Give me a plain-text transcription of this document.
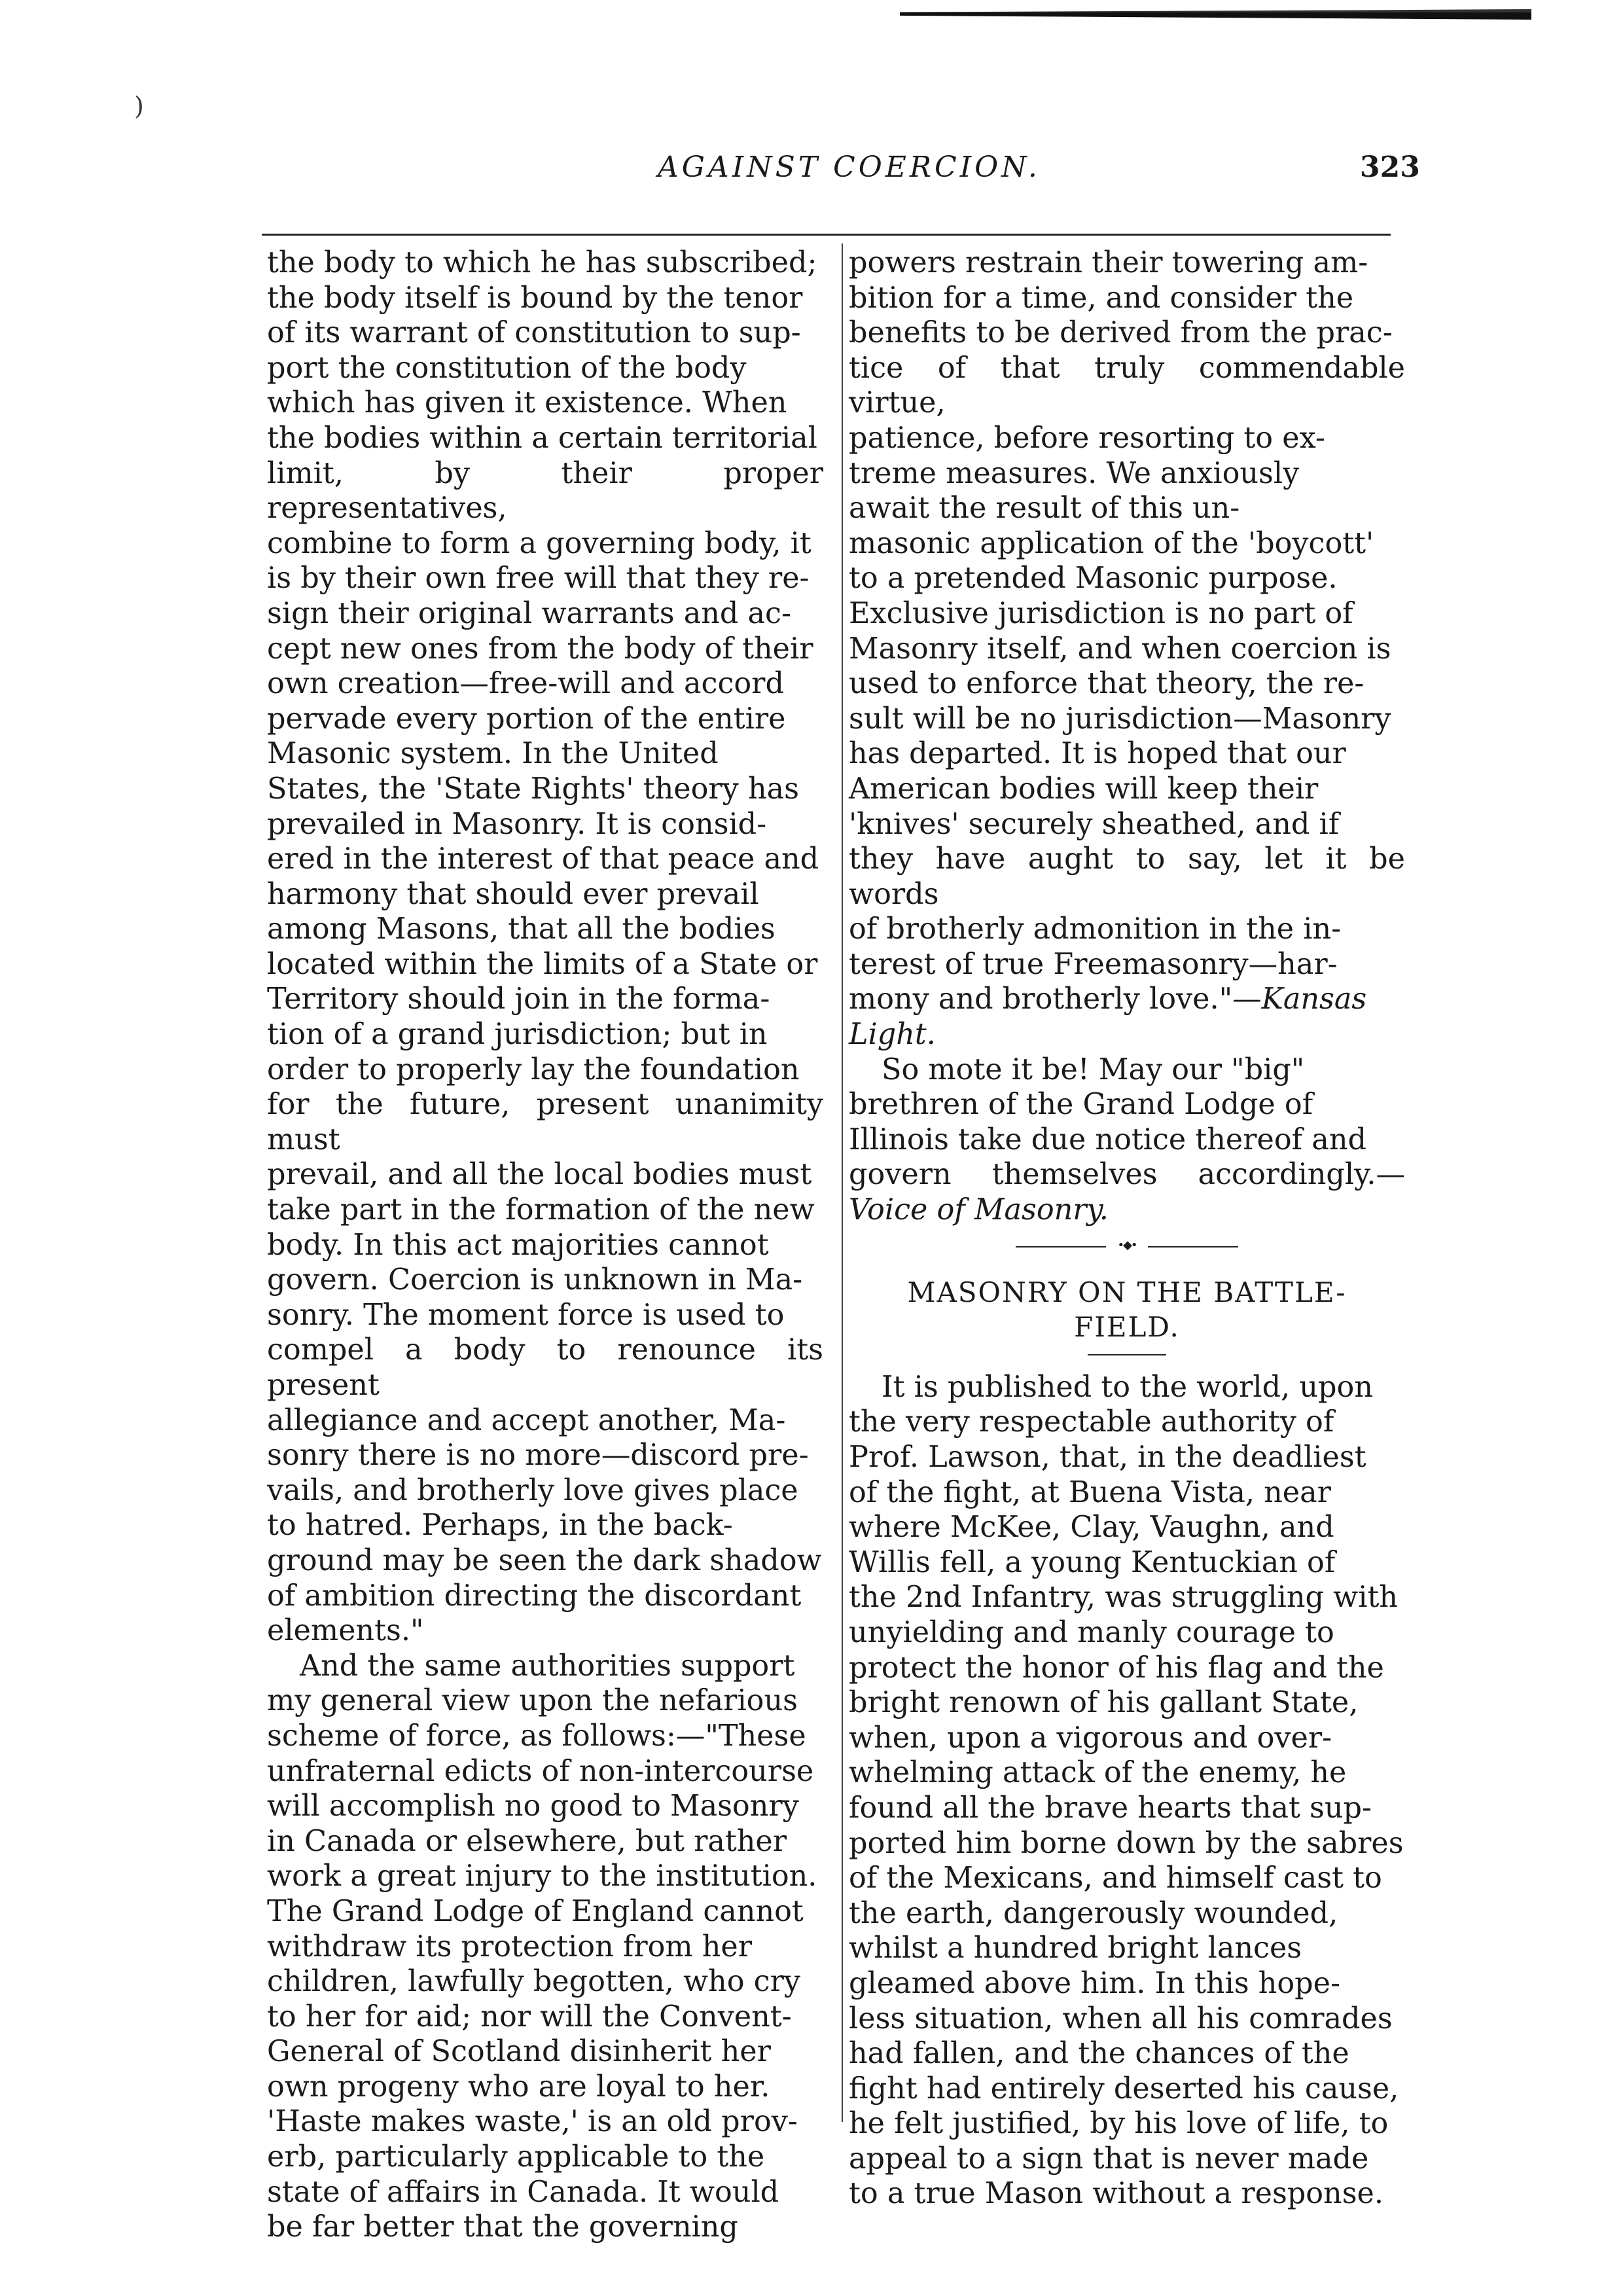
)
AGAINST COERCION.	323

the body to which he has subscribed;
the body itself is bound by the tenor
of its warrant of constitution to sup-
port the constitution of the body
which has given it existence. When
the bodies within a certain territorial
limit, by their proper representatives,
combine to form a governing body, it
is by their own free will that they re-
sign their original warrants and ac-
cept new ones from the body of their
own creation—free-will and accord
pervade every portion of the entire
Masonic system. In the United
States, the 'State Rights' theory has
prevailed in Masonry. It is consid-
ered in the interest of that peace and
harmony that should ever prevail
among Masons, that all the bodies
located within the limits of a State or
Territory should join in the forma-
tion of a grand jurisdiction; but in
order to properly lay the foundation
for the future, present unanimity must
prevail, and all the local bodies must
take part in the formation of the new
body. In this act majorities cannot
govern. Coercion is unknown in Ma-
sonry. The moment force is used to
compel a body to renounce its present
allegiance and accept another, Ma-
sonry there is no more—discord pre-
vails, and brotherly love gives place
to hatred. Perhaps, in the back-
ground may be seen the dark shadow
of ambition directing the discordant
elements."

And the same authorities support
my general view upon the nefarious
scheme of force, as follows:—"These
unfraternal edicts of non-intercourse
will accomplish no good to Masonry
in Canada or elsewhere, but rather
work a great injury to the institution.
The Grand Lodge of England cannot
withdraw its protection from her
children, lawfully begotten, who cry
to her for aid; nor will the Convent-
General of Scotland disinherit her
own progeny who are loyal to her.
'Haste makes waste,' is an old prov-
erb, particularly applicable to the
state of affairs in Canada. It would
be far better that the governing

powers restrain their towering am-
bition for a time, and consider the
benefits to be derived from the prac-
tice of that truly commendable virtue,
patience, before resorting to ex-
treme measures. We anxiously
await the result of this un-
masonic application of the 'boycott'
to a pretended Masonic purpose.
Exclusive jurisdiction is no part of
Masonry itself, and when coercion is
used to enforce that theory, the re-
sult will be no jurisdiction—Masonry
has departed. It is hoped that our
American bodies will keep their
'knives' securely sheathed, and if
they have aught to say, let it be words
of brotherly admonition in the in-
terest of true Freemasonry—har-
mony and brotherly love."—Kansas
Light.

So mote it be! May our "big"
brethren of the Grand Lodge of
Illinois take due notice thereof and
govern themselves accordingly.—Voice of Masonry.

•◆•

MASONRY ON THE BATTLE-
FIELD.

It is published to the world, upon
the very respectable authority of
Prof. Lawson, that, in the deadliest
of the fight, at Buena Vista, near
where McKee, Clay, Vaughn, and
Willis fell, a young Kentuckian of
the 2nd Infantry, was struggling with
unyielding and manly courage to
protect the honor of his flag and the
bright renown of his gallant State,
when, upon a vigorous and over-
whelming attack of the enemy, he
found all the brave hearts that sup-
ported him borne down by the sabres
of the Mexicans, and himself cast to
the earth, dangerously wounded,
whilst a hundred bright lances
gleamed above him. In this hope-
less situation, when all his comrades
had fallen, and the chances of the
fight had entirely deserted his cause,
he felt justified, by his love of life, to
appeal to a sign that is never made
to a true Mason without a response.
